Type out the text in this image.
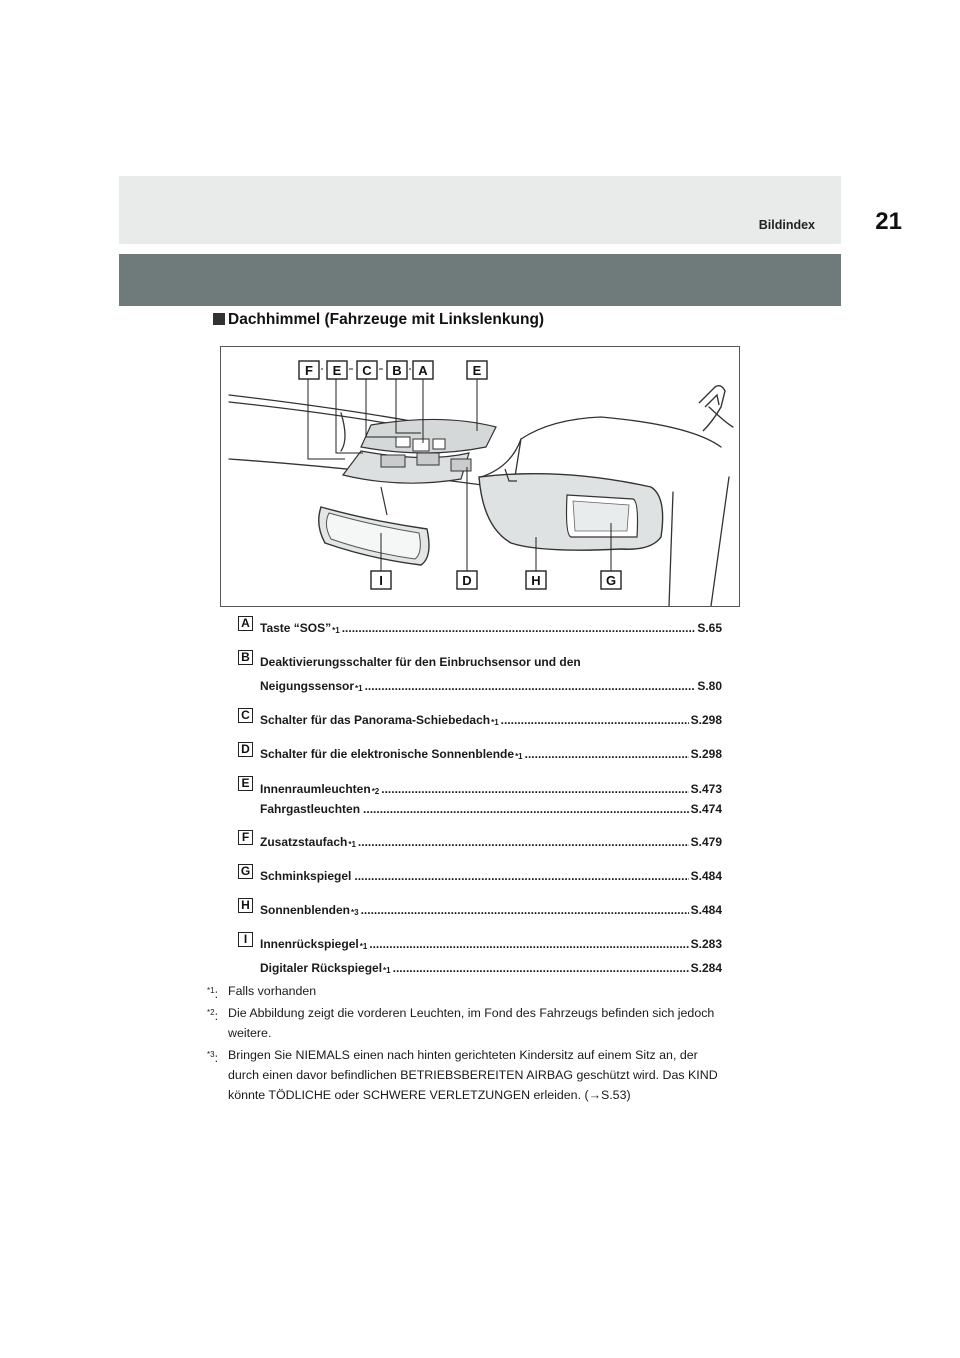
Bildindex	21
Dachhimmel (Fahrzeuge mit Linkslenkung)
F E C B A	E
I	D	H	G
A Taste “$SOS”_{*1}$ .....	S.65
B Deaktivierungsschalter für den Einbruchsensor und den
Neigungssensor$_{*1}$ .....	S.80
C Schalter für das Panorama-Schiebedach$_{*1}$ .....	S.298
D Schalter für die elektronische Sonnenblende$_{*1}$ .....	S.298
E Innenraumleuchten$_{*2}$ .....	S.473
Fahrgastleuchten .....	S.474
F Zusatzstaufach$_{*1}$ .....	S.479
G Schminkspiegel .....	S.484
H Sonnenblenden$_{*3}$ .....	S.484
I	Innenrückspiegel$_{*1}$ .....	S.283
Digitaler Rückspiegel$_{*1}$ .....	S.284
$^{*1}$: Falls vorhanden
$^{*2}$: Die Abbildung zeigt die vorderen Leuchten, im Fond des Fahrzeugs befinden sich jedoch
weitere.
$^{*3}$: Bringen Sie NIEMALS einen nach hinten gerichteten Kindersitz auf einem Sitz an, der
durch einen davor befindlichen BETRIEBSBEREITEN AIRBAG geschützt wird. Das KIND
könnte TÖDLICHE oder SCHWERE VERLETZUNGEN erleiden. (→S.53)
